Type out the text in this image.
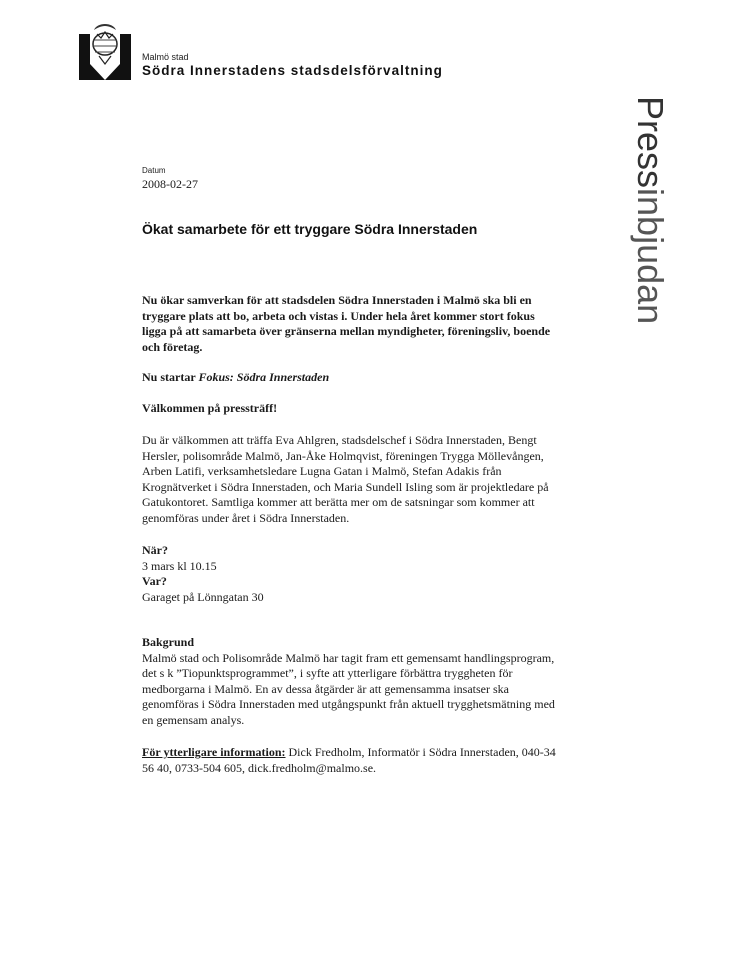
Malmö stad
Södra Innerstadens stadsdelsförvaltning
Pressinbjudan
Datum
2008-02-27
Ökat samarbete för ett tryggare Södra Innerstaden

Nu ökar samverkan för att stadsdelen Södra Innerstaden i Malmö ska bli en tryggare plats att bo, arbeta och vistas i. Under hela året kommer stort fokus ligga på att samarbeta över gränserna mellan myndigheter, föreningsliv, boende och företag.

Nu startar Fokus: Södra Innerstaden

Välkommen på pressträff!

Du är välkommen att träffa Eva Ahlgren, stadsdelschef i Södra Innerstaden, Bengt Hersler, polisområde Malmö, Jan-Åke Holmqvist, föreningen Trygga Möllevången, Arben Latifi, verksamhetsledare Lugna Gatan i Malmö, Stefan Adakis från Krognätverket i Södra Innerstaden, och Maria Sundell Isling som är projektledare på Gatukontoret. Samtliga kommer att berätta mer om de satsningar som kommer att genomföras under året i Södra Innerstaden.

När?

3 mars kl 10.15

Var?

Garaget på Lönngatan 30

Bakgrund

Malmö stad och Polisområde Malmö har tagit fram ett gemensamt handlingsprogram, det s k ”Tiopunktsprogrammet”, i syfte att ytterligare förbättra tryggheten för medborgarna i Malmö. En av dessa åtgärder är att gemensamma insatser ska genomföras i Södra Innerstaden med utgångspunkt från aktuell trygghetsmätning med en gemensam analys.

För ytterligare information: Dick Fredholm, Informatör i Södra Innerstaden, 040-34 56 40, 0733-504 605, dick.fredholm@malmo.se.
